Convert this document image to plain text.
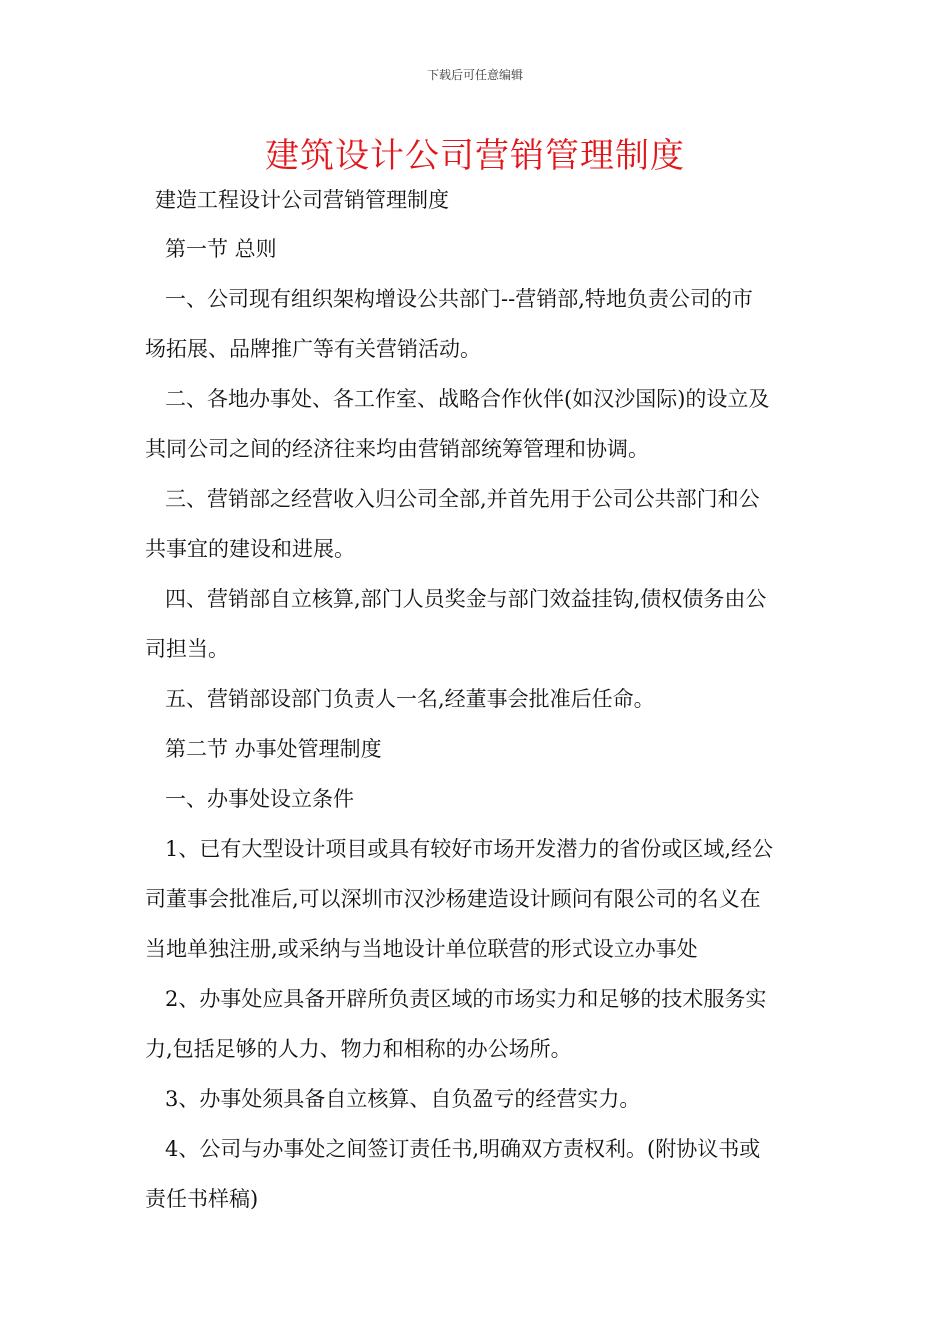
下载后可任意编辑
建筑设计公司营销管理制度
建造工程设计公司营销管理制度
第一节 总则
一、公司现有组织架构增设公共部门--营销部,特地负责公司的市
场拓展、品牌推广等有关营销活动。
二、各地办事处、各工作室、战略合作伙伴(如汉沙国际)的设立及
其同公司之间的经济往来均由营销部统筹管理和协调。
三、营销部之经营收入归公司全部,并首先用于公司公共部门和公
共事宜的建设和进展。
四、营销部自立核算,部门人员奖金与部门效益挂钩,债权债务由公
司担当。
五、营销部设部门负责人一名,经董事会批准后任命。
第二节 办事处管理制度
一、办事处设立条件
1、已有大型设计项目或具有较好市场开发潜力的省份或区域,经公
司董事会批准后,可以深圳市汉沙杨建造设计顾问有限公司的名义在
当地单独注册,或采纳与当地设计单位联营的形式设立办事处
2、办事处应具备开辟所负责区域的市场实力和足够的技术服务实
力,包括足够的人力、物力和相称的办公场所。
3、办事处须具备自立核算、自负盈亏的经营实力。
4、公司与办事处之间签订责任书,明确双方责权利。(附协议书或
责任书样稿)
